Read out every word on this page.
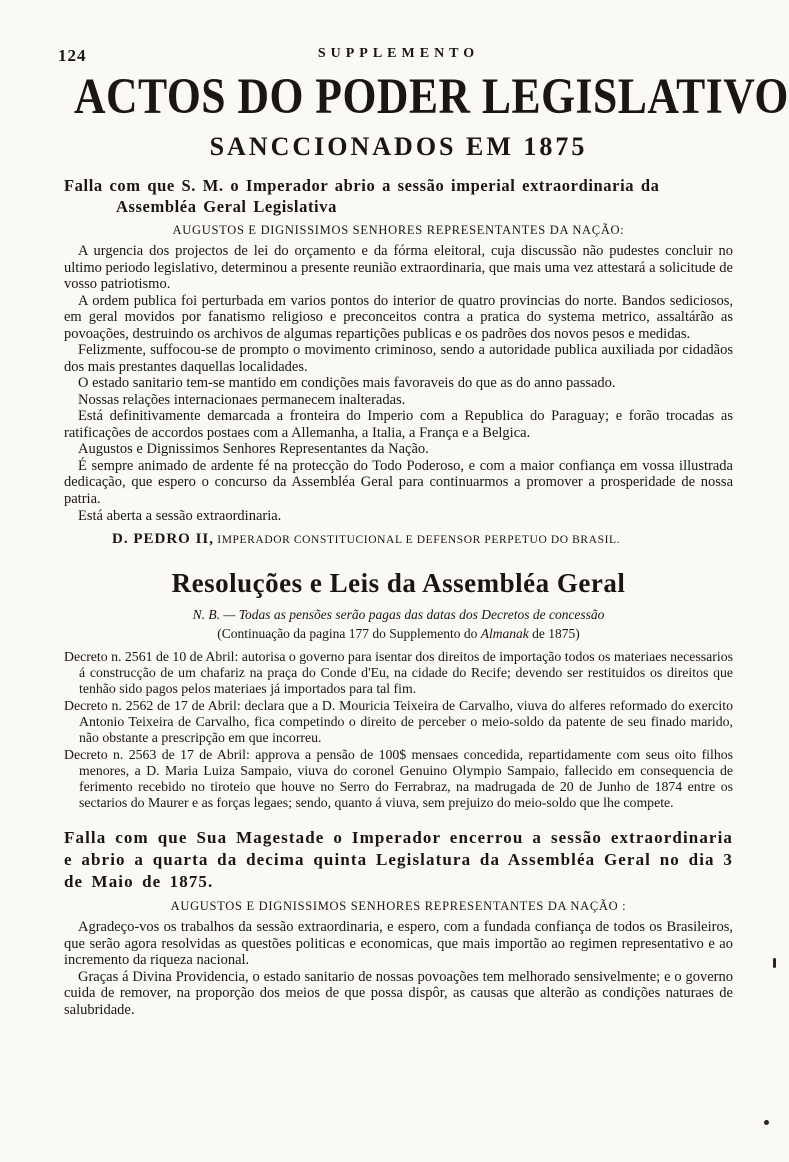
124	SUPPLEMENTO
ACTOS DO PODER LEGISLATIVO
SANCCIONADOS EM 1875
Falla com que S. M. o Imperador abrio a sessão imperial extraordinaria da Assembléa Geral Legislativa

AUGUSTOS E DIGNISSIMOS SENHORES REPRESENTANTES DA NAÇÃO:

A urgencia dos projectos de lei do orçamento e da fórma eleitoral, cuja discussão não pudestes concluir no ultimo periodo legislativo, determinou a presente reunião extraordinaria, que mais uma vez attestará a solicitude de vosso patriotismo.

A ordem publica foi perturbada em varios pontos do interior de quatro provincias do norte. Bandos sediciosos, em geral movidos por fanatismo religioso e preconceitos contra a pratica do systema metrico, assaltárão as povoações, destruindo os archivos de algumas repartições publicas e os padrões dos novos pesos e medidas.

Felizmente, suffocou-se de prompto o movimento criminoso, sendo a autoridade publica auxiliada por cidadãos dos mais prestantes daquellas localidades.

O estado sanitario tem-se mantido em condições mais favoraveis do que as do anno passado.

Nossas relações internacionaes permanecem inalteradas.

Está definitivamente demarcada a fronteira do Imperio com a Republica do Paraguay; e forão trocadas as ratificações de accordos postaes com a Allemanha, a Italia, a França e a Belgica.

Augustos e Dignissimos Senhores Representantes da Nação.

É sempre animado de ardente fé na protecção do Todo Poderoso, e com a maior confiança em vossa illustrada dedicação, que espero o concurso da Assembléa Geral para continuarmos a promover a prosperidade de nossa patria.

Está aberta a sessão extraordinaria.

D. PEDRO II, IMPERADOR CONSTITUCIONAL E DEFENSOR PERPETUO DO BRASIL.

Resoluções e Leis da Assembléa Geral

N. B. — Todas as pensões serão pagas das datas dos Decretos de concessão

(Continuação da pagina 177 do Supplemento do Almanak de 1875)

Decreto n. 2561 de 10 de Abril: autorisa o governo para isentar dos direitos de importação todos os materiaes necessarios á construcção de um chafariz na praça do Conde d'Eu, na cidade do Recife; devendo ser restituidos os direitos que tenhão sido pagos pelos materiaes já importados para tal fim.

Decreto n. 2562 de 17 de Abril: declara que a D. Mouricia Teixeira de Carvalho, viuva do alferes reformado do exercito Antonio Teixeira de Carvalho, fica competindo o direito de perceber o meio-soldo da patente de seu finado marido, não obstante a prescripção em que incorreu.

Decreto n. 2563 de 17 de Abril: approva a pensão de 100$ mensaes concedida, repartidamente com seus oito filhos menores, a D. Maria Luiza Sampaio, viuva do coronel Genuino Olympio Sampaio, fallecido em consequencia de ferimento recebido no tiroteio que houve no Serro do Ferrabraz, na madrugada de 20 de Junho de 1874 entre os sectarios do Maurer e as forças legaes; sendo, quanto á viuva, sem prejuizo do meio-soldo que lhe compete.

Falla com que Sua Magestade o Imperador encerrou a sessão extraordinaria e abrio a quarta da decima quinta Legislatura da Assembléa Geral no dia 3 de Maio de 1875.

AUGUSTOS E DIGNISSIMOS SENHORES REPRESENTANTES DA NAÇÃO :

Agradeço-vos os trabalhos da sessão extraordinaria, e espero, com a fundada confiança de todos os Brasileiros, que serão agora resolvidas as questões politicas e economicas, que mais importão ao regimen representativo e ao incremento da riqueza nacional.

Graças á Divina Providencia, o estado sanitario de nossas povoações tem melhorado sensivelmente; e o governo cuida de remover, na proporção dos meios de que possa dispôr, as causas que alterão as condições naturaes de salubridade.
